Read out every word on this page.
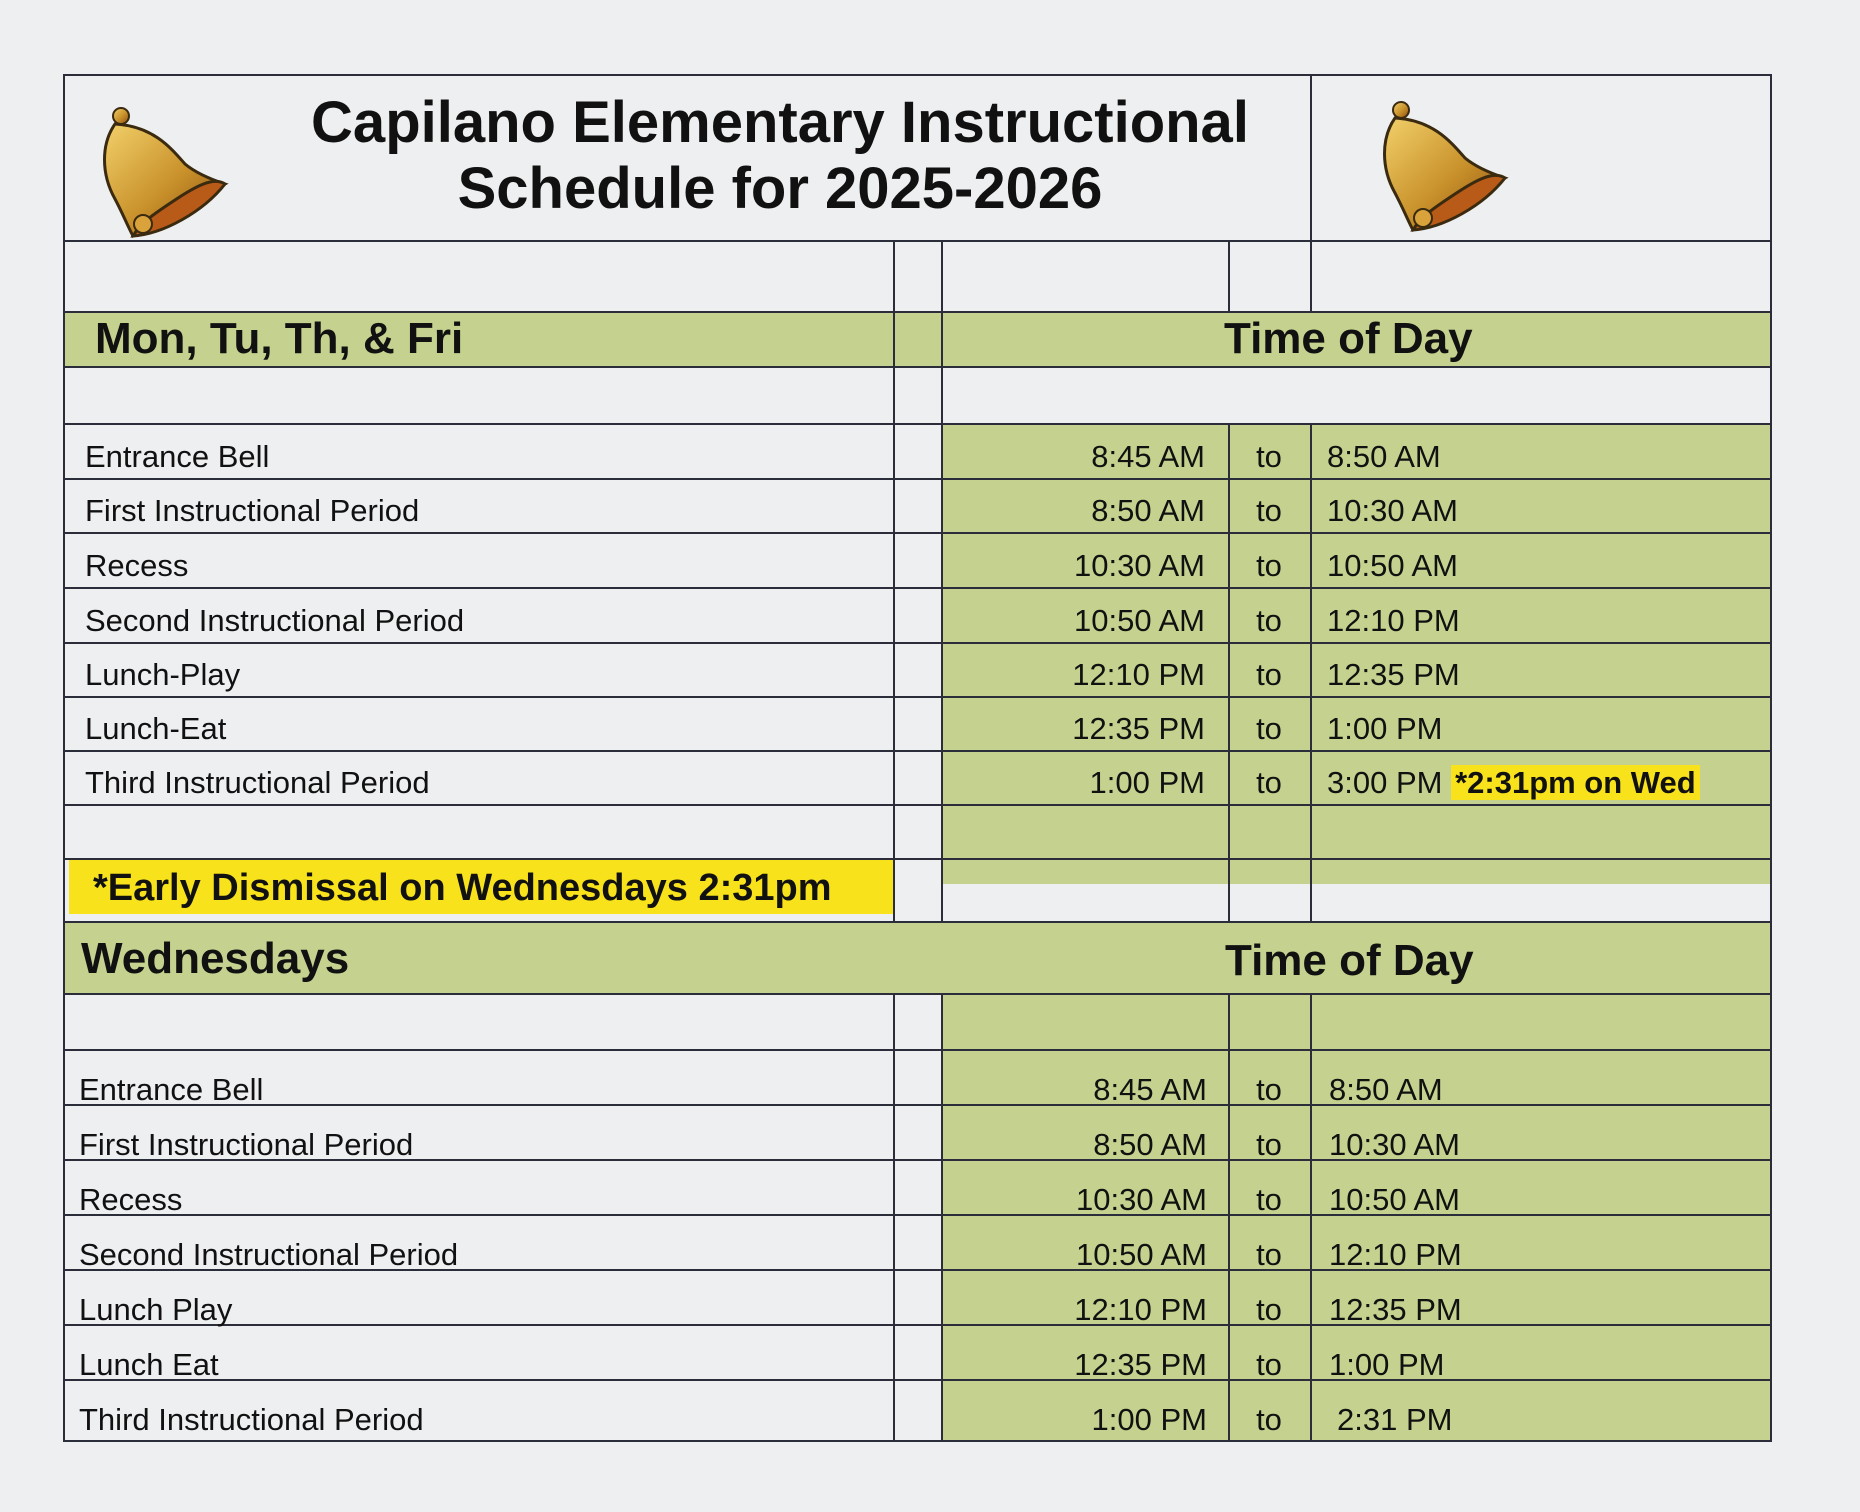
Capilano Elementary Instructional
Schedule for 2025-2026
Mon, Tu, Th, & Fri	Time of Day
Entrance Bell	8:45 AM	to	8:50 AM
First Instructional Period	8:50 AM	to	10:30 AM
Recess	10:30 AM	to	10:50 AM
Second Instructional Period	10:50 AM	to	12:10 PM
Lunch-Play	12:10 PM	to	12:35 PM
Lunch-Eat	12:35 PM	to	1:00 PM
Third Instructional Period	1:00 PM	to	3:00 PM *2:31pm on Wed
*Early Dismissal on Wednesdays 2:31pm
Wednesdays	Time of Day
Entrance Bell	8:45 AM	to	8:50 AM
First Instructional Period	8:50 AM	to	10:30 AM
Recess	10:30 AM	to	10:50 AM
Second Instructional Period	10:50 AM	to	12:10 PM
Lunch Play	12:10 PM	to	12:35 PM
Lunch Eat	12:35 PM	to	1:00 PM
Third Instructional Period	1:00 PM	to	2:31 PM
